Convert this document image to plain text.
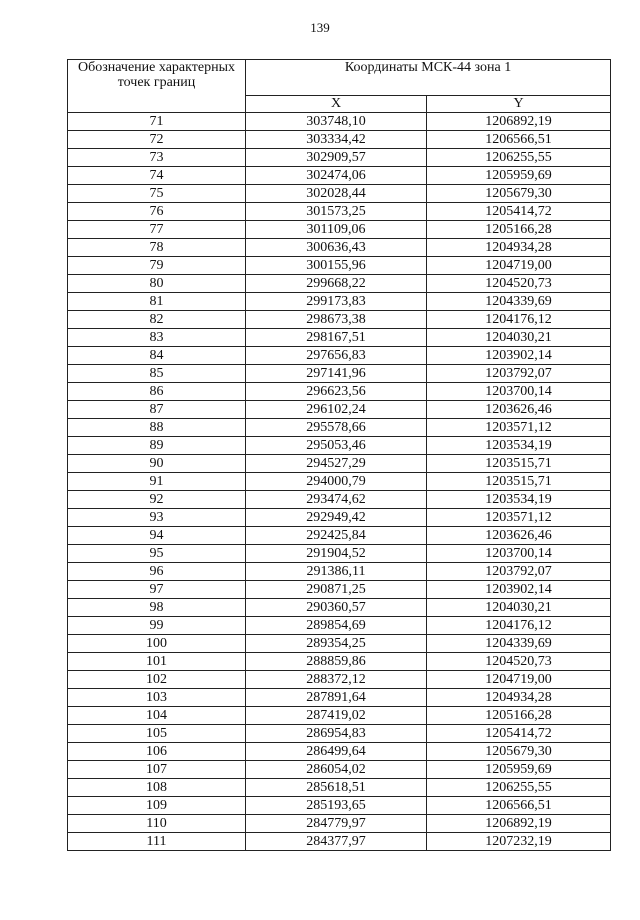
139
Обозначение характерных точек границ	Координаты МСК-44 зона 1	
	X	Y
71	303748,10	1206892,19
72	303334,42	1206566,51
73	302909,57	1206255,55
74	302474,06	1205959,69
75	302028,44	1205679,30
76	301573,25	1205414,72
77	301109,06	1205166,28
78	300636,43	1204934,28
79	300155,96	1204719,00
80	299668,22	1204520,73
81	299173,83	1204339,69
82	298673,38	1204176,12
83	298167,51	1204030,21
84	297656,83	1203902,14
85	297141,96	1203792,07
86	296623,56	1203700,14
87	296102,24	1203626,46
88	295578,66	1203571,12
89	295053,46	1203534,19
90	294527,29	1203515,71
91	294000,79	1203515,71
92	293474,62	1203534,19
93	292949,42	1203571,12
94	292425,84	1203626,46
95	291904,52	1203700,14
96	291386,11	1203792,07
97	290871,25	1203902,14
98	290360,57	1204030,21
99	289854,69	1204176,12
100	289354,25	1204339,69
101	288859,86	1204520,73
102	288372,12	1204719,00
103	287891,64	1204934,28
104	287419,02	1205166,28
105	286954,83	1205414,72
106	286499,64	1205679,30
107	286054,02	1205959,69
108	285618,51	1206255,55
109	285193,65	1206566,51
110	284779,97	1206892,19
111	284377,97	1207232,19
